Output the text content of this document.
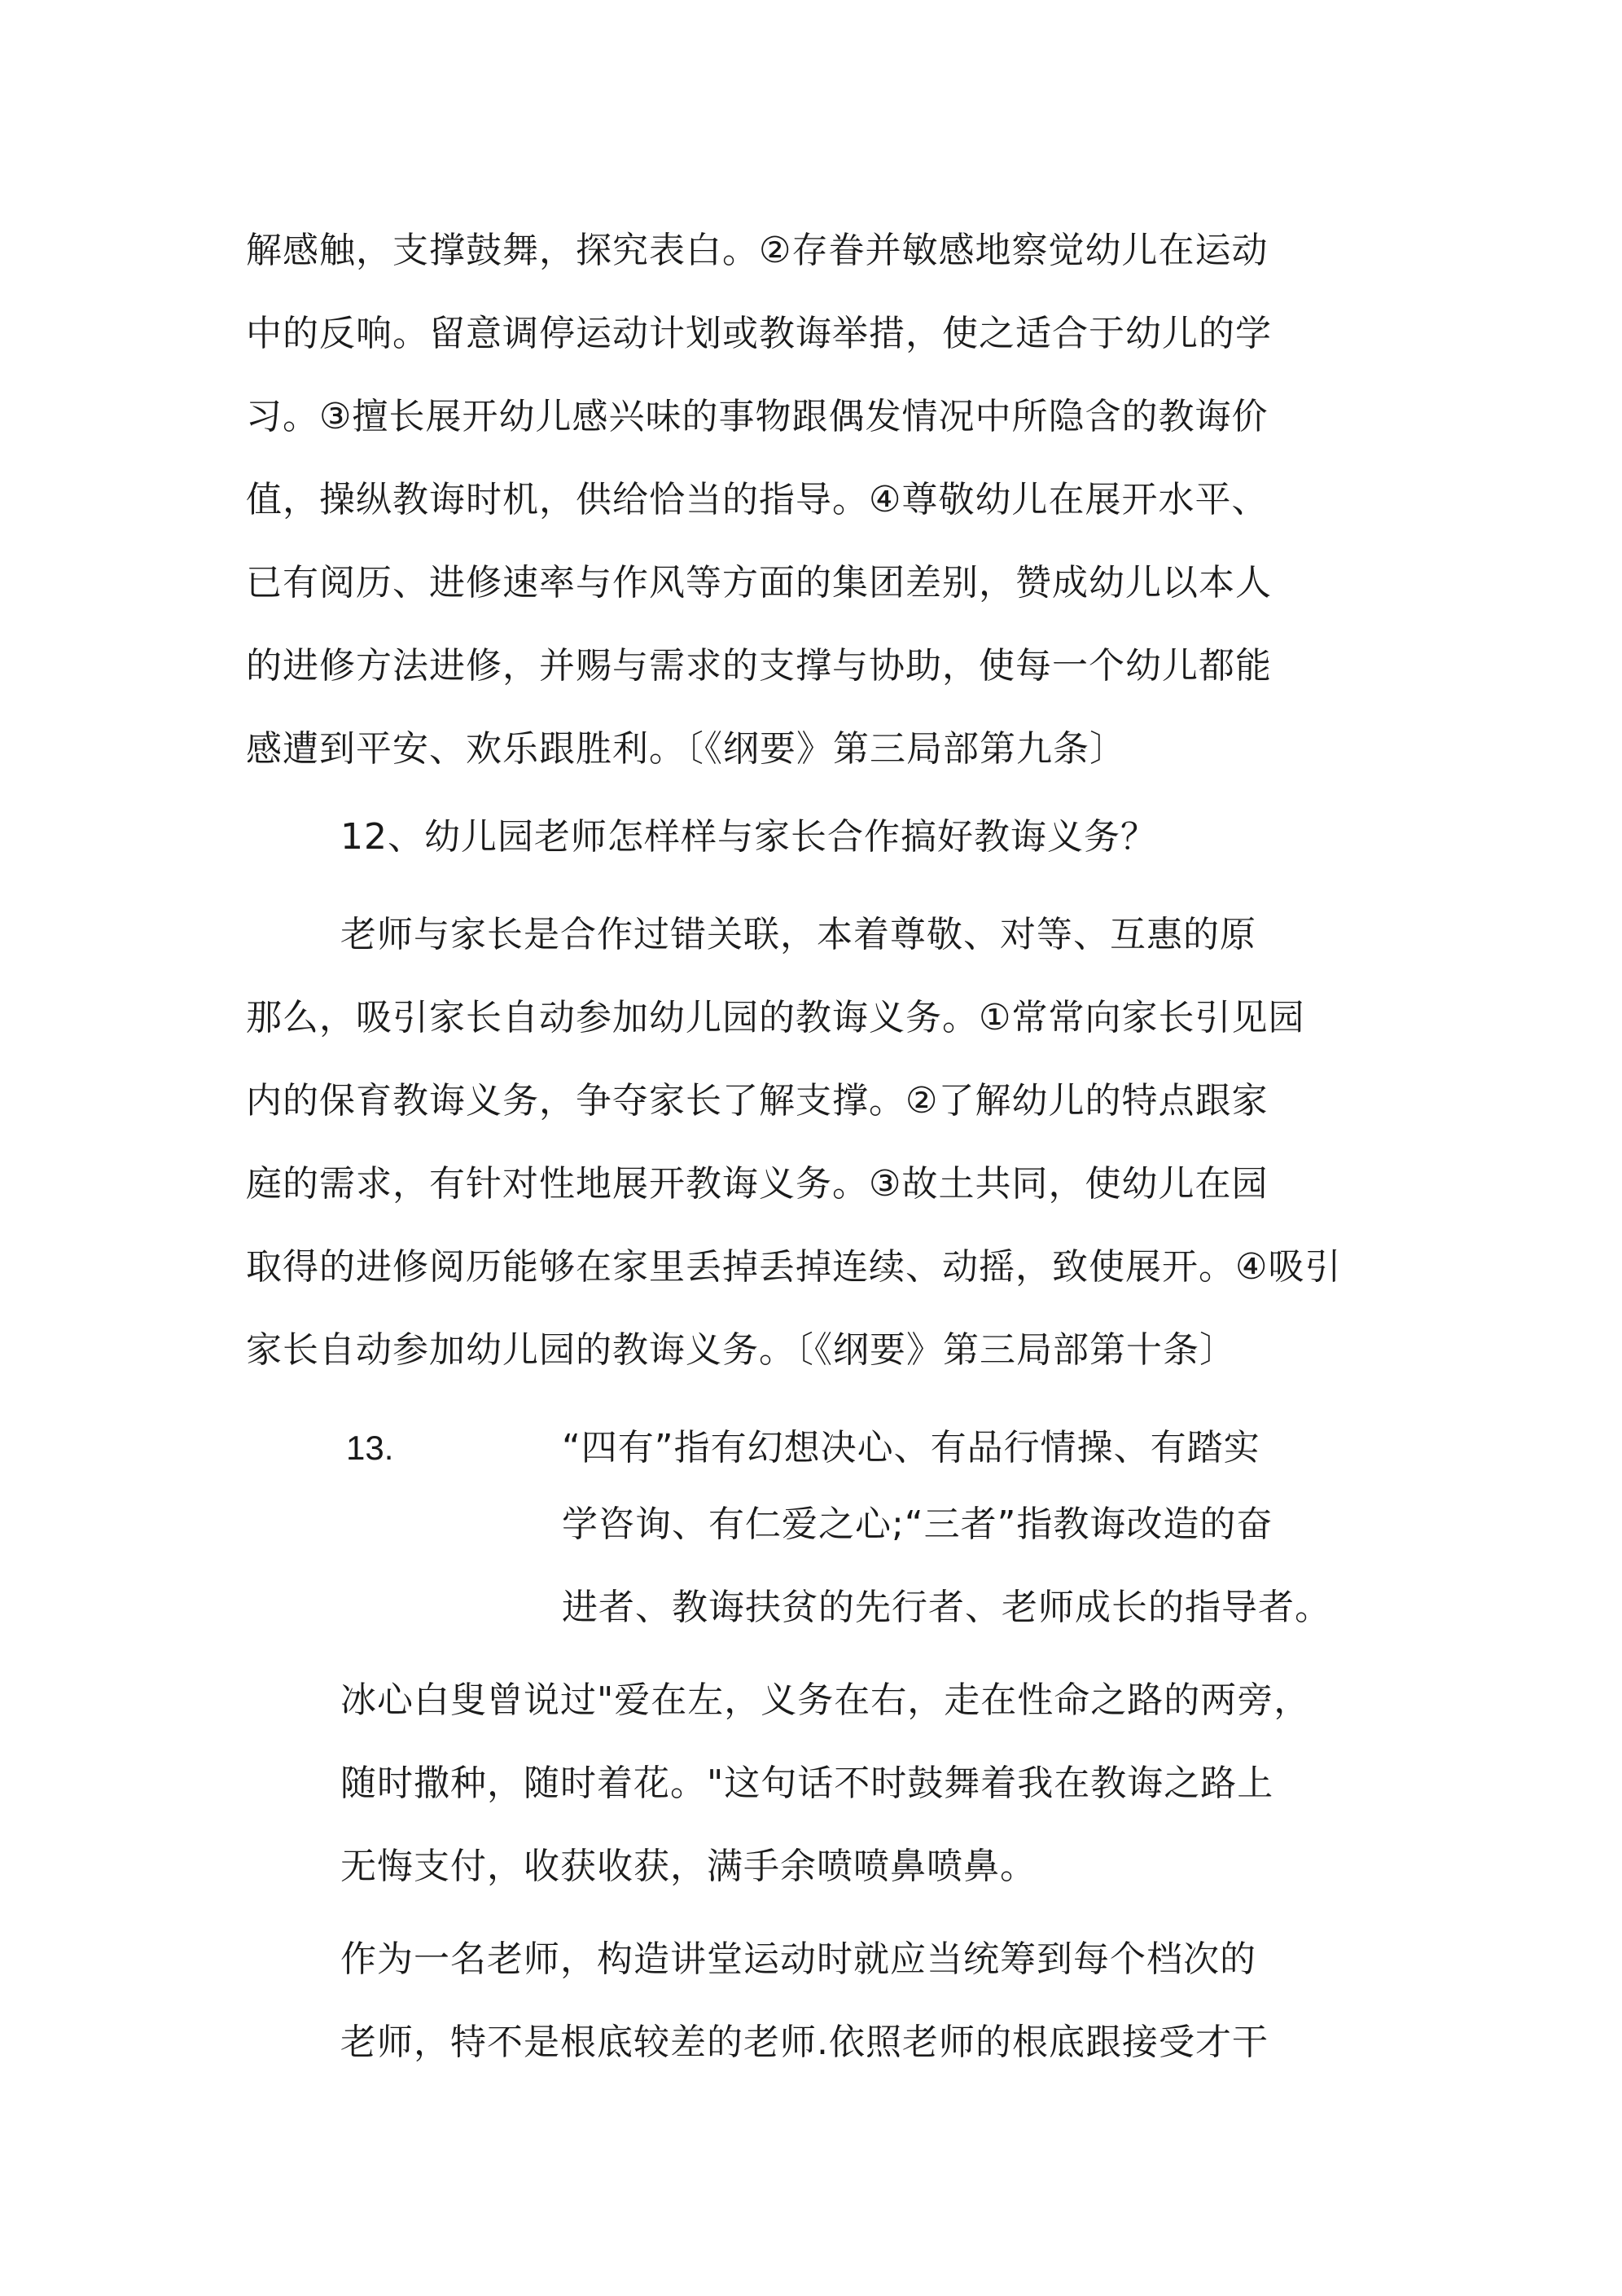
解感触，支撑鼓舞，探究表白。②存眷并敏感地察觉幼儿在运动
中的反响。留意调停运动计划或教诲举措，使之适合于幼儿的学
习。③擅长展开幼儿感兴味的事物跟偶发情况中所隐含的教诲价
值，操纵教诲时机，供给恰当的指导。④尊敬幼儿在展开水平、
已有阅历、进修速率与作风等方面的集团差别，赞成幼儿以本人
的进修方法进修，并赐与需求的支撑与协助，使每一个幼儿都能
感遭到平安、欢乐跟胜利。〔《纲要》第三局部第九条〕
12、幼儿园老师怎样样与家长合作搞好教诲义务？
老师与家长是合作过错关联，本着尊敬、对等、互惠的原
那么，吸引家长自动参加幼儿园的教诲义务。①常常向家长引见园
内的保育教诲义务，争夺家长了解支撑。②了解幼儿的特点跟家
庭的需求，有针对性地展开教诲义务。③故土共同，使幼儿在园
取得的进修阅历能够在家里丢掉丢掉连续、动摇，致使展开。④吸引
家长自动参加幼儿园的教诲义务。〔《纲要》第三局部第十条〕
13.	“四有”指有幻想决心、有品行情操、有踏实
学咨询、有仁爱之心;“三者”指教诲改造的奋
进者、教诲扶贫的先行者、老师成长的指导者。
冰心白叟曾说过"爱在左，义务在右，走在性命之路的两旁，
随时撒种，随时着花。"这句话不时鼓舞着我在教诲之路上
无悔支付，收获收获，满手余喷喷鼻喷鼻。
作为一名老师，构造讲堂运动时就应当统筹到每个档次的
老师，特不是根底较差的老师.依照老师的根底跟接受才干
